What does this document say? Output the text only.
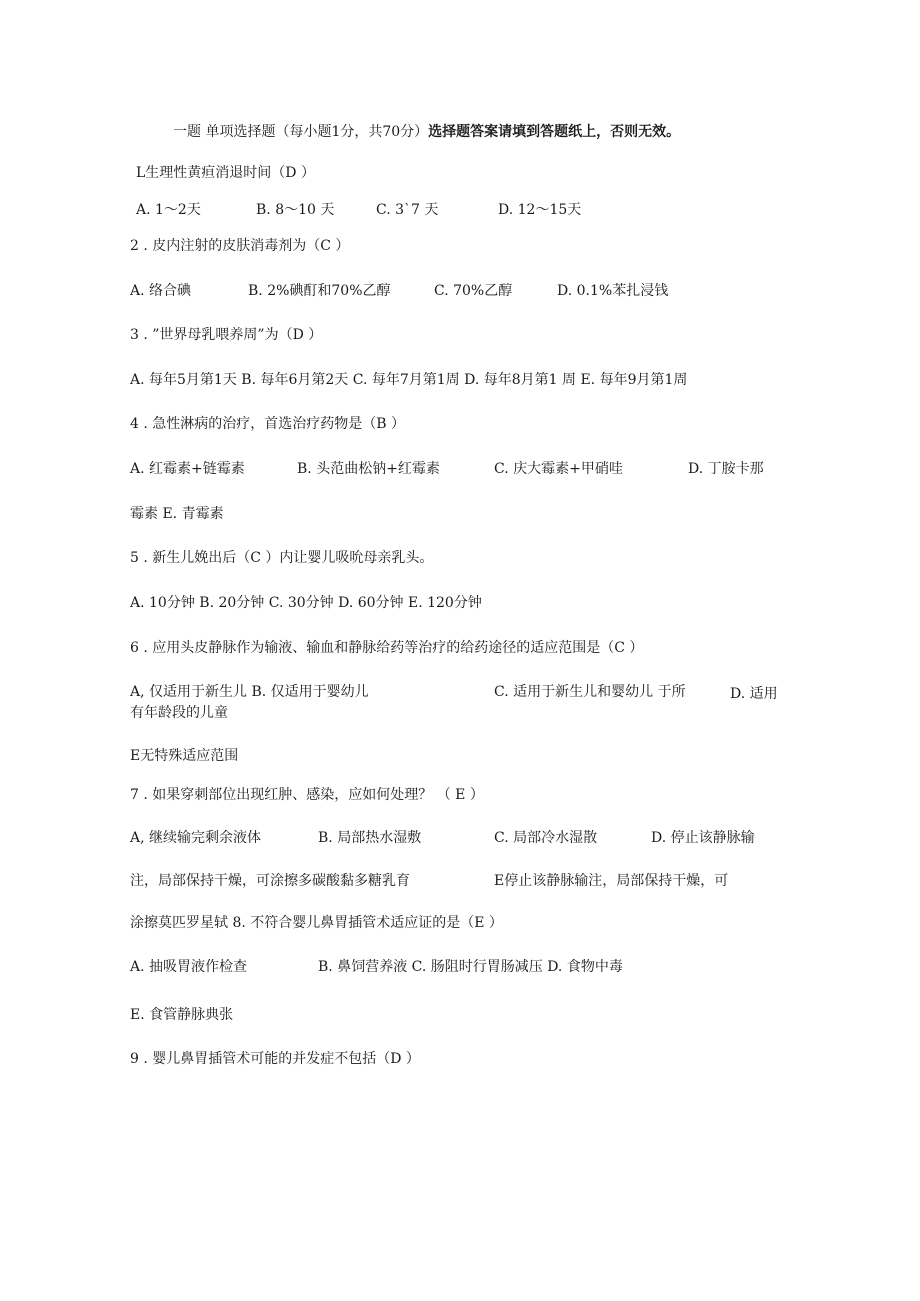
一题 单项选择题（每小题1分，共70分）选择题答案请填到答题纸上，否则无效。
L生理性黄疸消退时间（D ）
A. 1～2天	B. 8～10 天	C. 3`7 天	D. 12～15天
2 . 皮内注射的皮肤消毒剂为（C ）
A. 络合碘	B. 2%碘酊和70%乙醇	C. 70%乙醇	D. 0.1%苯扎浸钱
3 . ”世界母乳喂养周”为（D ）
A. 每年5月第1天 B. 每年6月第2天 C. 每年7月第1周 D. 每年8月第1 周 E. 每年9月第1周
4 . 急性淋病的治疗，首选治疗药物是（B ）
A. 红霉素+链霉素	B. 头范曲松钠+红霉素	C. 庆大霉素+甲硝哇	D. 丁胺卡那
霉素 E. 青霉素
5 . 新生儿娩出后（C ）内让婴儿吸吮母亲乳头。
A. 10分钟 B. 20分钟 C. 30分钟 D. 60分钟 E. 120分钟
6 . 应用头皮静脉作为输液、输血和静脉给药等治疗的给药途径的适应范围是（C ）
A, 仅适用于新生儿 B. 仅适用于婴幼儿	C. 适用于新生儿和婴幼儿 于所	D. 适用
有年龄段的儿童
E无特殊适应范围
7 . 如果穿刺部位出现红肿、感染，应如何处理？ （ E ）
A, 继续输完剩余液体	B. 局部热水湿敷	C. 局部冷水湿散	D. 停止该静脉输
注，局部保持干燥，可涂擦多碳酸黏多糖乳育	E停止该静脉输注，局部保持干燥，可
涂擦莫匹罗星轼 8. 不符合婴儿鼻胃插管术适应证的是（E ）
A. 抽吸胃液作检查	B. 鼻饲营养液 C. 肠阻时行胃肠减压 D. 食物中毒
E. 食管静脉典张
9 . 婴儿鼻胃插管术可能的并发症不包括（D ）
